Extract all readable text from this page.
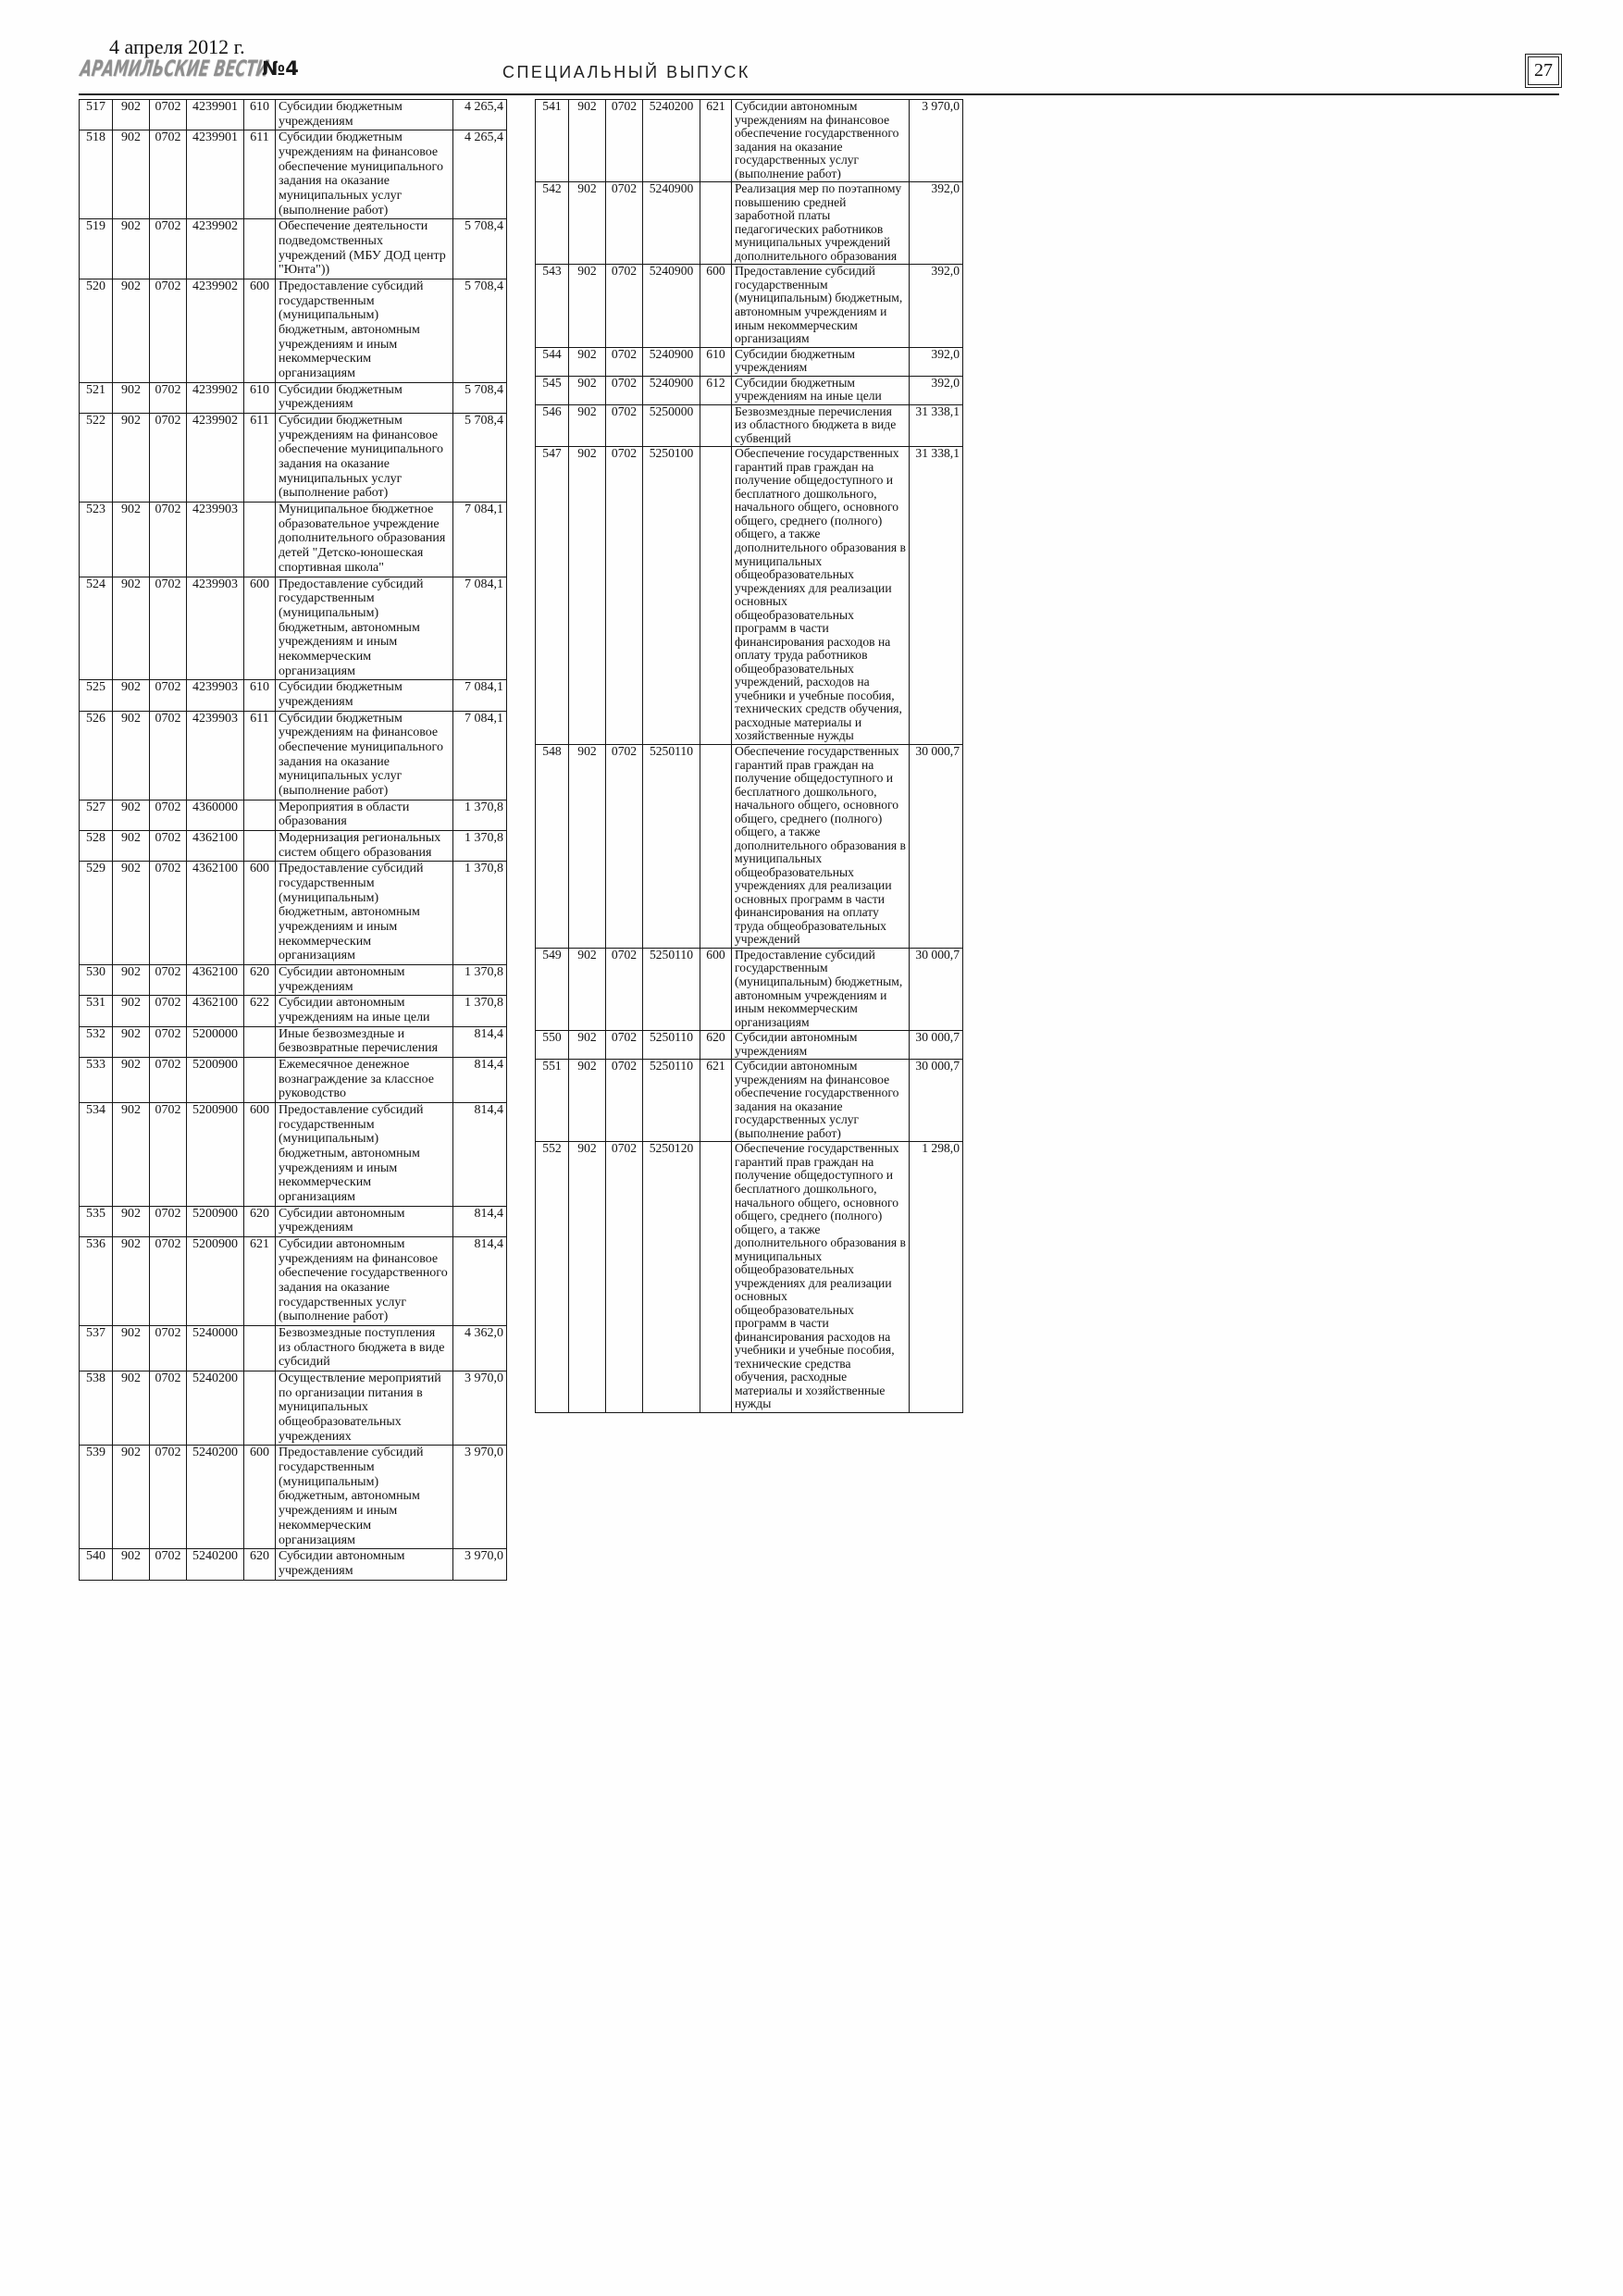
4 апреля 2012 г.
АРАМИЛЬСКИЕ ВЕСТИ
№4	СПЕЦИАЛЬНЫЙ ВЫПУСК	27
517	902	0702	4239901	610	Субсидии бюджетным учреждениям	4 265,4
518	902	0702	4239901	611	Субсидии бюджетным учреждениям на финансовое обеспечение муниципального задания на оказание муниципальных услуг (выполнение работ)	4 265,4
519	902	0702	4239902		Обеспечение деятельности подведомственных учреждений (МБУ ДОД центр "Юнта"))	5 708,4
520	902	0702	4239902	600	Предоставление субсидий государственным (муниципальным) бюджетным, автономным учреждениям и иным некоммерческим организациям	5 708,4
521	902	0702	4239902	610	Субсидии бюджетным учреждениям	5 708,4
522	902	0702	4239902	611	Субсидии бюджетным учреждениям на финансовое обеспечение муниципального задания на оказание муниципальных услуг (выполнение работ)	5 708,4
523	902	0702	4239903		Муниципальное бюджетное образовательное учреждение дополнительного образования детей "Детско-юношеская спортивная школа"	7 084,1
524	902	0702	4239903	600	Предоставление субсидий государственным (муниципальным) бюджетным, автономным учреждениям и иным некоммерческим организациям	7 084,1
525	902	0702	4239903	610	Субсидии бюджетным учреждениям	7 084,1
526	902	0702	4239903	611	Субсидии бюджетным учреждениям на финансовое обеспечение муниципального задания на оказание муниципальных услуг (выполнение работ)	7 084,1
527	902	0702	4360000		Мероприятия в области образования	1 370,8
528	902	0702	4362100		Модернизация региональных систем общего образования	1 370,8
529	902	0702	4362100	600	Предоставление субсидий государственным (муниципальным) бюджетным, автономным учреждениям и иным некоммерческим организациям	1 370,8
530	902	0702	4362100	620	Субсидии автономным учреждениям	1 370,8
531	902	0702	4362100	622	Субсидии автономным учреждениям на иные цели	1 370,8
532	902	0702	5200000		Иные безвозмездные и безвозвратные перечисления	814,4
533	902	0702	5200900		Ежемесячное денежное вознаграждение за классное руководство	814,4
534	902	0702	5200900	600	Предоставление субсидий государственным (муниципальным) бюджетным, автономным учреждениям и иным некоммерческим организациям	814,4
535	902	0702	5200900	620	Субсидии автономным учреждениям	814,4
536	902	0702	5200900	621	Субсидии автономным учреждениям на финансовое обеспечение государственного задания на оказание государственных услуг (выполнение работ)	814,4
537	902	0702	5240000		Безвозмездные поступления из областного бюджета в виде субсидий	4 362,0
538	902	0702	5240200		Осуществление мероприятий по организации питания в муниципальных общеобразовательных учреждениях	3 970,0
539	902	0702	5240200	600	Предоставление субсидий государственным (муниципальным) бюджетным, автономным учреждениям и иным некоммерческим организациям	3 970,0
540	902	0702	5240200	620	Субсидии автономным учреждениям	3 970,0
541	902	0702	5240200	621	Субсидии автономным учреждениям на финансовое обеспечение государственного задания на оказание государственных услуг (выполнение работ)	3 970,0
542	902	0702	5240900		Реализация мер по поэтапному повышению средней заработной платы педагогических работников муниципальных учреждений дополнительного образования	392,0
543	902	0702	5240900	600	Предоставление субсидий государственным (муниципальным) бюджетным, автономным учреждениям и иным некоммерческим организациям	392,0
544	902	0702	5240900	610	Субсидии бюджетным учреждениям	392,0
545	902	0702	5240900	612	Субсидии бюджетным учреждениям на иные цели	392,0
546	902	0702	5250000		Безвозмездные перечисления из областного бюджета в виде субвенций	31 338,1
547	902	0702	5250100		Обеспечение государственных гарантий прав граждан на получение общедоступного и бесплатного дошкольного, начального общего, основного общего, среднего (полного) общего, а также дополнительного образования в муниципальных общеобразовательных учреждениях для реализации основных общеобразовательных программ в части финансирования расходов на оплату труда работников общеобразовательных учреждений, расходов на учебники и учебные пособия, технических средств обучения, расходные материалы и хозяйственные нужды	31 338,1
548	902	0702	5250110		Обеспечение государственных гарантий прав граждан на получение общедоступного и бесплатного дошкольного, начального общего, основного общего, среднего (полного) общего, а также дополнительного образования в муниципальных общеобразовательных учреждениях для реализации основных программ в части финансирования на оплату труда общеобразовательных учреждений	30 000,7
549	902	0702	5250110	600	Предоставление субсидий государственным (муниципальным) бюджетным, автономным учреждениям и иным некоммерческим организациям	30 000,7
550	902	0702	5250110	620	Субсидии автономным учреждениям	30 000,7
551	902	0702	5250110	621	Субсидии автономным учреждениям на финансовое обеспечение государственного задания на оказание государственных услуг (выполнение работ)	30 000,7
552	902	0702	5250120		Обеспечение государственных гарантий прав граждан на получение общедоступного и бесплатного дошкольного, начального общего, основного общего, среднего (полного) общего, а также дополнительного образования в муниципальных общеобразовательных учреждениях для реализации основных общеобразовательных программ в части финансирования расходов на учебники и учебные пособия, технические средства обучения, расходные материалы и хозяйственные нужды	1 298,0
